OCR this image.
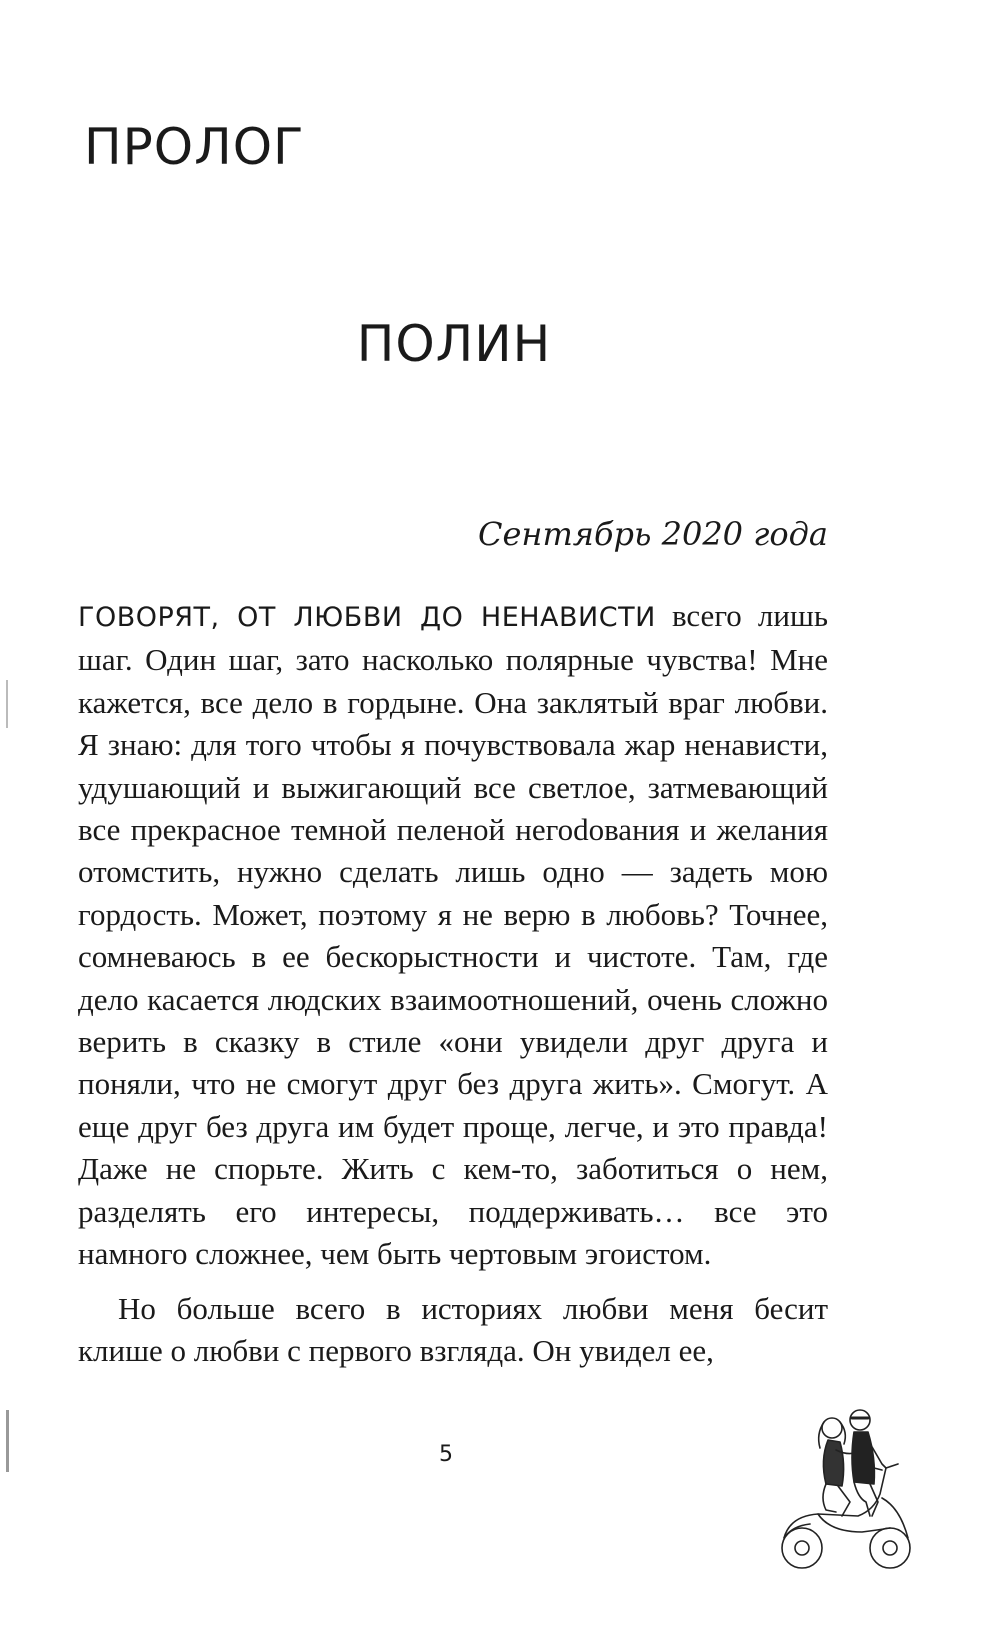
ПРОЛОГ
ПОЛИН
Сентябрь 2020 года

ГОВОРЯТ, ОТ ЛЮБВИ ДО НЕНАВИСТИ всего лишь шаг. Один шаг, зато насколько полярные чувства! Мне кажется, все дело в гордыне. Она заклятый враг любви. Я знаю: для того чтобы я почувствовала жар ненависти, удушающий и выжигающий все светлое, затмевающий все прекрасное темной пеленой негоdования и желания отомстить, нужно сделать лишь одно — задеть мою гордость. Может, поэтому я не верю в любовь? Точнее, сомневаюсь в ее бескорыстности и чистоте. Там, где дело касается людских взаимоотношений, очень сложно верить в сказку в стиле «они увидели друг друга и поняли, что не смогут друг без друга жить». Смогут. А еще друг без друга им будет проще, легче, и это правда! Даже не спорьте. Жить с кем-то, заботиться о нем, разделять его интересы, поддерживать… все это намного сложнее, чем быть чертовым эгоистом.

Но больше всего в историях любви меня бесит клише о любви с первого взгляда. Он увидел ее,

5
